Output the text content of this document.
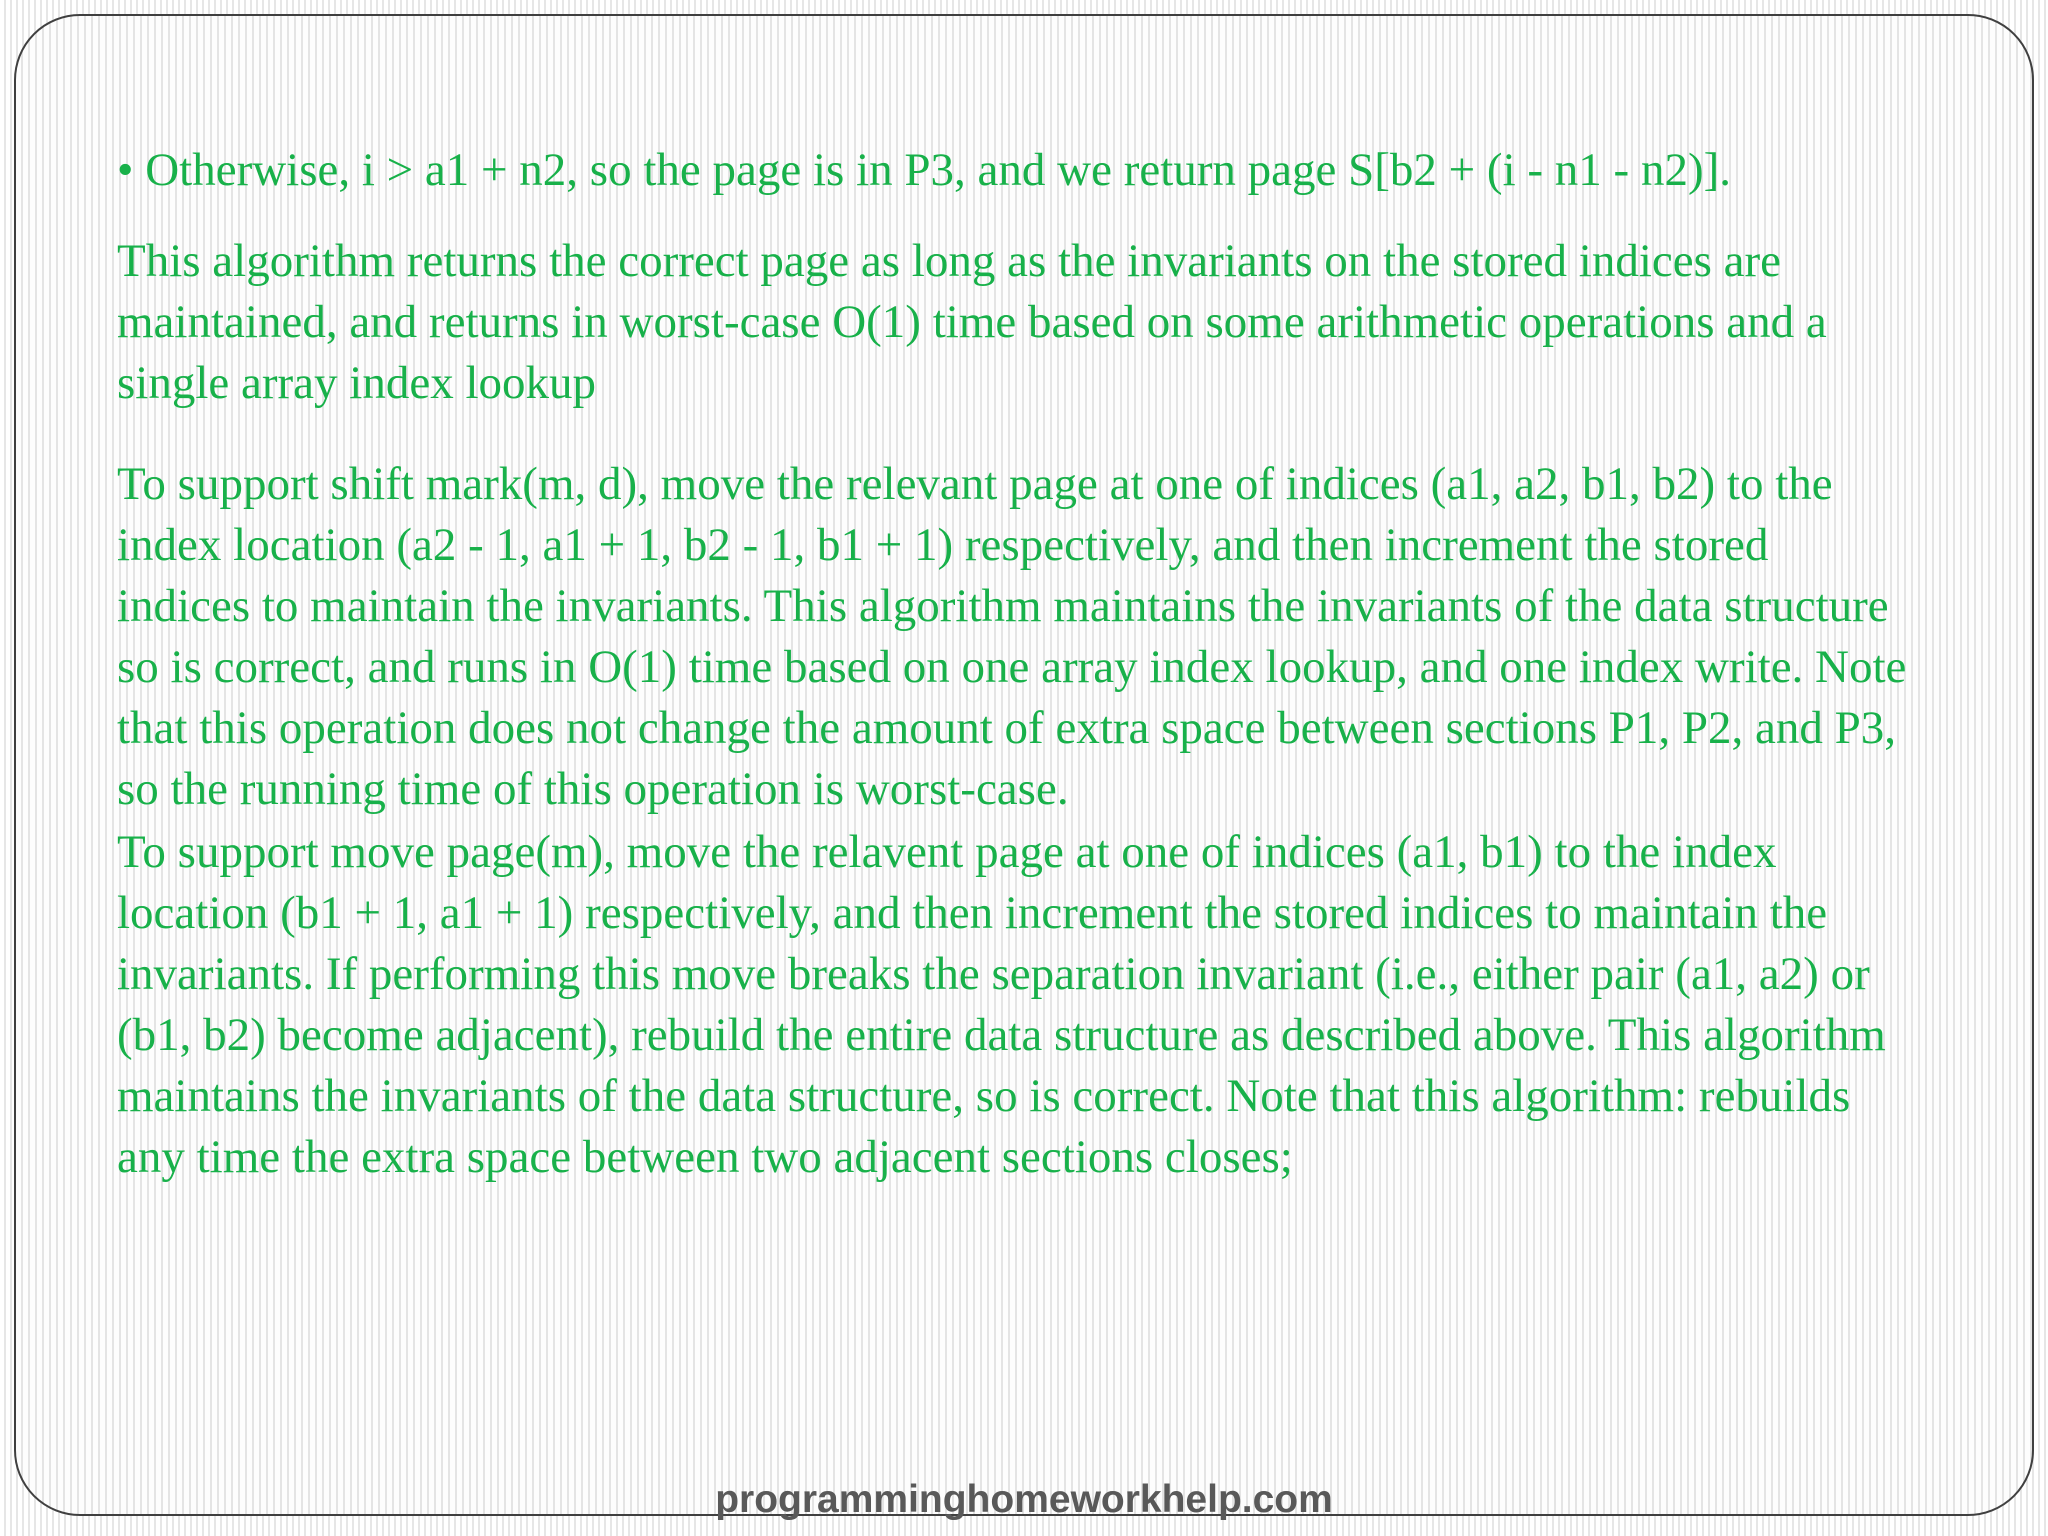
• Otherwise, i > a1 + n2, so the page is in P3, and we return page S[b2 + (i - n1 - n2)].

This algorithm returns the correct page as long as the invariants on the stored indices are maintained, and returns in worst-case O(1) time based on some arithmetic operations and a single array index lookup

To support shift mark(m, d), move the relevant page at one of indices (a1, a2, b1, b2) to the index location (a2 - 1, a1 + 1, b2 - 1, b1 + 1) respectively, and then increment the stored indices to maintain the invariants. This algorithm maintains the invariants of the data structure so is correct, and runs in O(1) time based on one array index lookup, and one index write. Note that this operation does not change the amount of extra space between sections P1, P2, and P3, so the running time of this operation is worst-case.

To support move page(m), move the relavent page at one of indices (a1, b1) to the index location (b1 + 1, a1 + 1) respectively, and then increment the stored indices to maintain the invariants. If performing this move breaks the separation invariant (i.e., either pair (a1, a2) or (b1, b2) become adjacent), rebuild the entire data structure as described above. This algorithm maintains the invariants of the data structure, so is correct. Note that this algorithm: rebuilds any time the extra space between two adjacent sections closes;

programminghomeworkhelp.com
